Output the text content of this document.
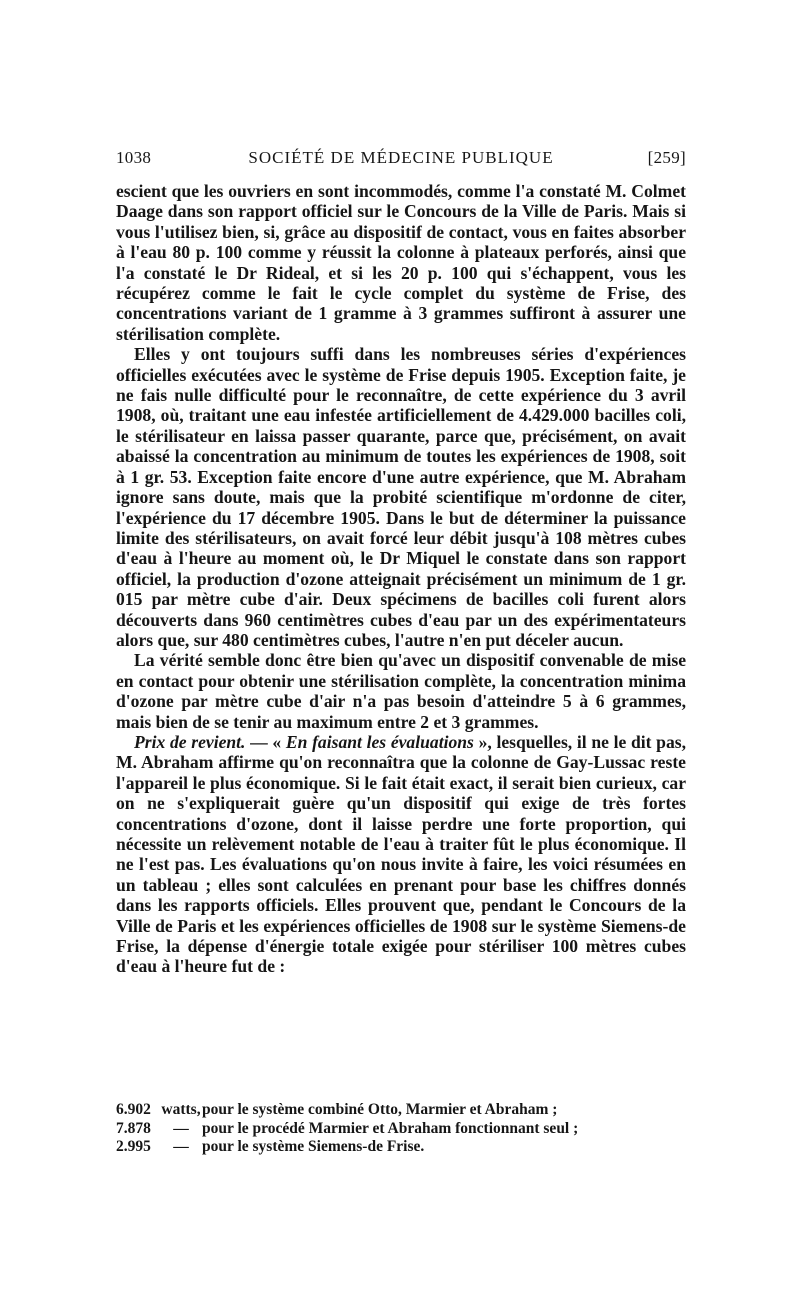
1038	SOCIÉTÉ DE MÉDECINE PUBLIQUE	[259]

escient que les ouvriers en sont incommodés, comme l'a constaté M. Colmet Daage dans son rapport officiel sur le Concours de la Ville de Paris. Mais si vous l'utilisez bien, si, grâce au dispositif de contact, vous en faites absorber à l'eau 80 p. 100 comme y réussit la colonne à plateaux perforés, ainsi que l'a constaté le Dr Rideal, et si les 20 p. 100 qui s'échappent, vous les récupérez comme le fait le cycle complet du système de Frise, des concentrations variant de 1 gramme à 3 grammes suffiront à assurer une stérilisation complète.

Elles y ont toujours suffi dans les nombreuses séries d'expériences officielles exécutées avec le système de Frise depuis 1905. Exception faite, je ne fais nulle difficulté pour le reconnaître, de cette expérience du 3 avril 1908, où, traitant une eau infestée artificiellement de 4.429.000 bacilles coli, le stérilisateur en laissa passer quarante, parce que, précisément, on avait abaissé la concentration au minimum de toutes les expériences de 1908, soit à 1 gr. 53. Exception faite encore d'une autre expérience, que M. Abraham ignore sans doute, mais que la probité scientifique m'ordonne de citer, l'expérience du 17 décembre 1905. Dans le but de déterminer la puissance limite des stérilisateurs, on avait forcé leur débit jusqu'à 108 mètres cubes d'eau à l'heure au moment où, le Dr Miquel le constate dans son rapport officiel, la production d'ozone atteignait précisément un minimum de 1 gr. 015 par mètre cube d'air. Deux spécimens de bacilles coli furent alors découverts dans 960 centimètres cubes d'eau par un des expérimentateurs alors que, sur 480 centimètres cubes, l'autre n'en put déceler aucun.

La vérité semble donc être bien qu'avec un dispositif convenable de mise en contact pour obtenir une stérilisation complète, la concentration minima d'ozone par mètre cube d'air n'a pas besoin d'atteindre 5 à 6 grammes, mais bien de se tenir au maximum entre 2 et 3 grammes.

Prix de revient. — « En faisant les évaluations », lesquelles, il ne le dit pas, M. Abraham affirme qu'on reconnaîtra que la colonne de Gay-Lussac reste l'appareil le plus économique. Si le fait était exact, il serait bien curieux, car on ne s'expliquerait guère qu'un dispositif qui exige de très fortes concentrations d'ozone, dont il laisse perdre une forte proportion, qui nécessite un relèvement notable de l'eau à traiter fût le plus économique. Il ne l'est pas. Les évaluations qu'on nous invite à faire, les voici résumées en un tableau ; elles sont calculées en prenant pour base les chiffres donnés dans les rapports officiels. Elles prouvent que, pendant le Concours de la Ville de Paris et les expériences officielles de 1908 sur le système Siemens-de Frise, la dépense d'énergie totale exigée pour stériliser 100 mètres cubes d'eau à l'heure fut de :

6.902 watts, pour le système combiné Otto, Marmier et Abraham ;
7.878	— pour le procédé Marmier et Abraham fonctionnant seul ;
2.995	— pour le système Siemens-de Frise.
